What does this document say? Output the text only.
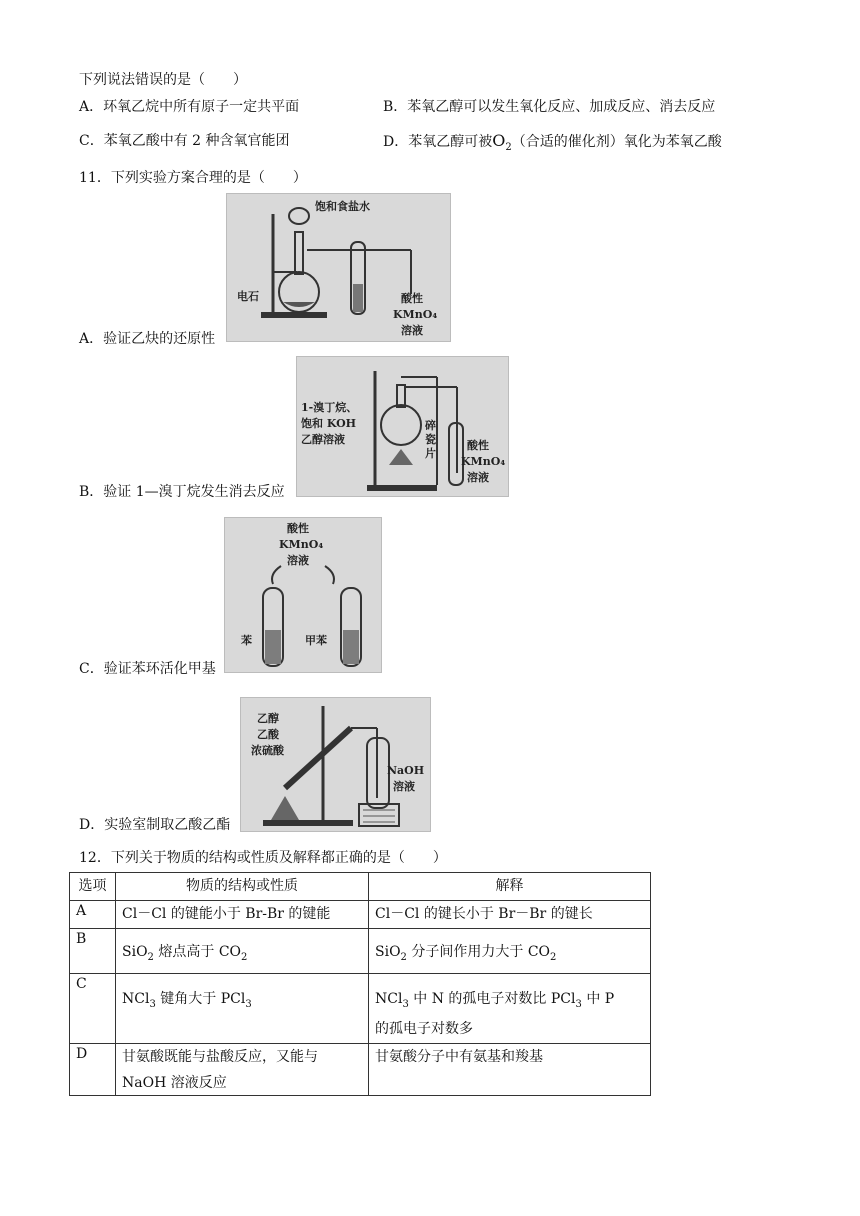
下列说法错误的是（　　）
A．环氧乙烷中所有原子一定共平面	B．苯氧乙醇可以发生氧化反应、加成反应、消去反应
C．苯氧乙酸中有 2 种含氧官能团	D．苯氧乙醇可被$O_2$（合适的催化剂）氧化为苯氧乙酸
11．下列实验方案合理的是（　　）
饱和食盐水
电石	酸性
KMnO₄
溶液
A．验证乙炔的还原性
1-溴丁烷、
饱和 KOH
乙醇溶液
碎
瓷
片
酸性
KMnO₄
溶液
B．验证 1—溴丁烷发生消去反应
酸性
KMnO₄
溶液
苯	甲苯
C．验证苯环活化甲基
乙醇
乙酸
浓硫酸
NaOH
溶液
D．实验室制取乙酸乙酯
12．下列关于物质的结构或性质及解释都正确的是（　　）
选项	物质的结构或性质	解释
A	Cl－Cl 的键能小于 Br-Br 的键能	Cl－Cl 的键长小于 Br－Br 的键长
B	SiO$_2$ 熔点高于 $CO_2$	SiO$_2$ 分子间作用力大于 $CO_2$

C	NCl$_3$ 键角大于 PCl$_3$	NCl$_3$ 中 N 的孤电子对数比 PCl$_3$ 中 P
的孤电子对数多

D	甘氨酸既能与盐酸反应，又能与
NaOH 溶液反应	甘氨酸分子中有氨基和羧基
